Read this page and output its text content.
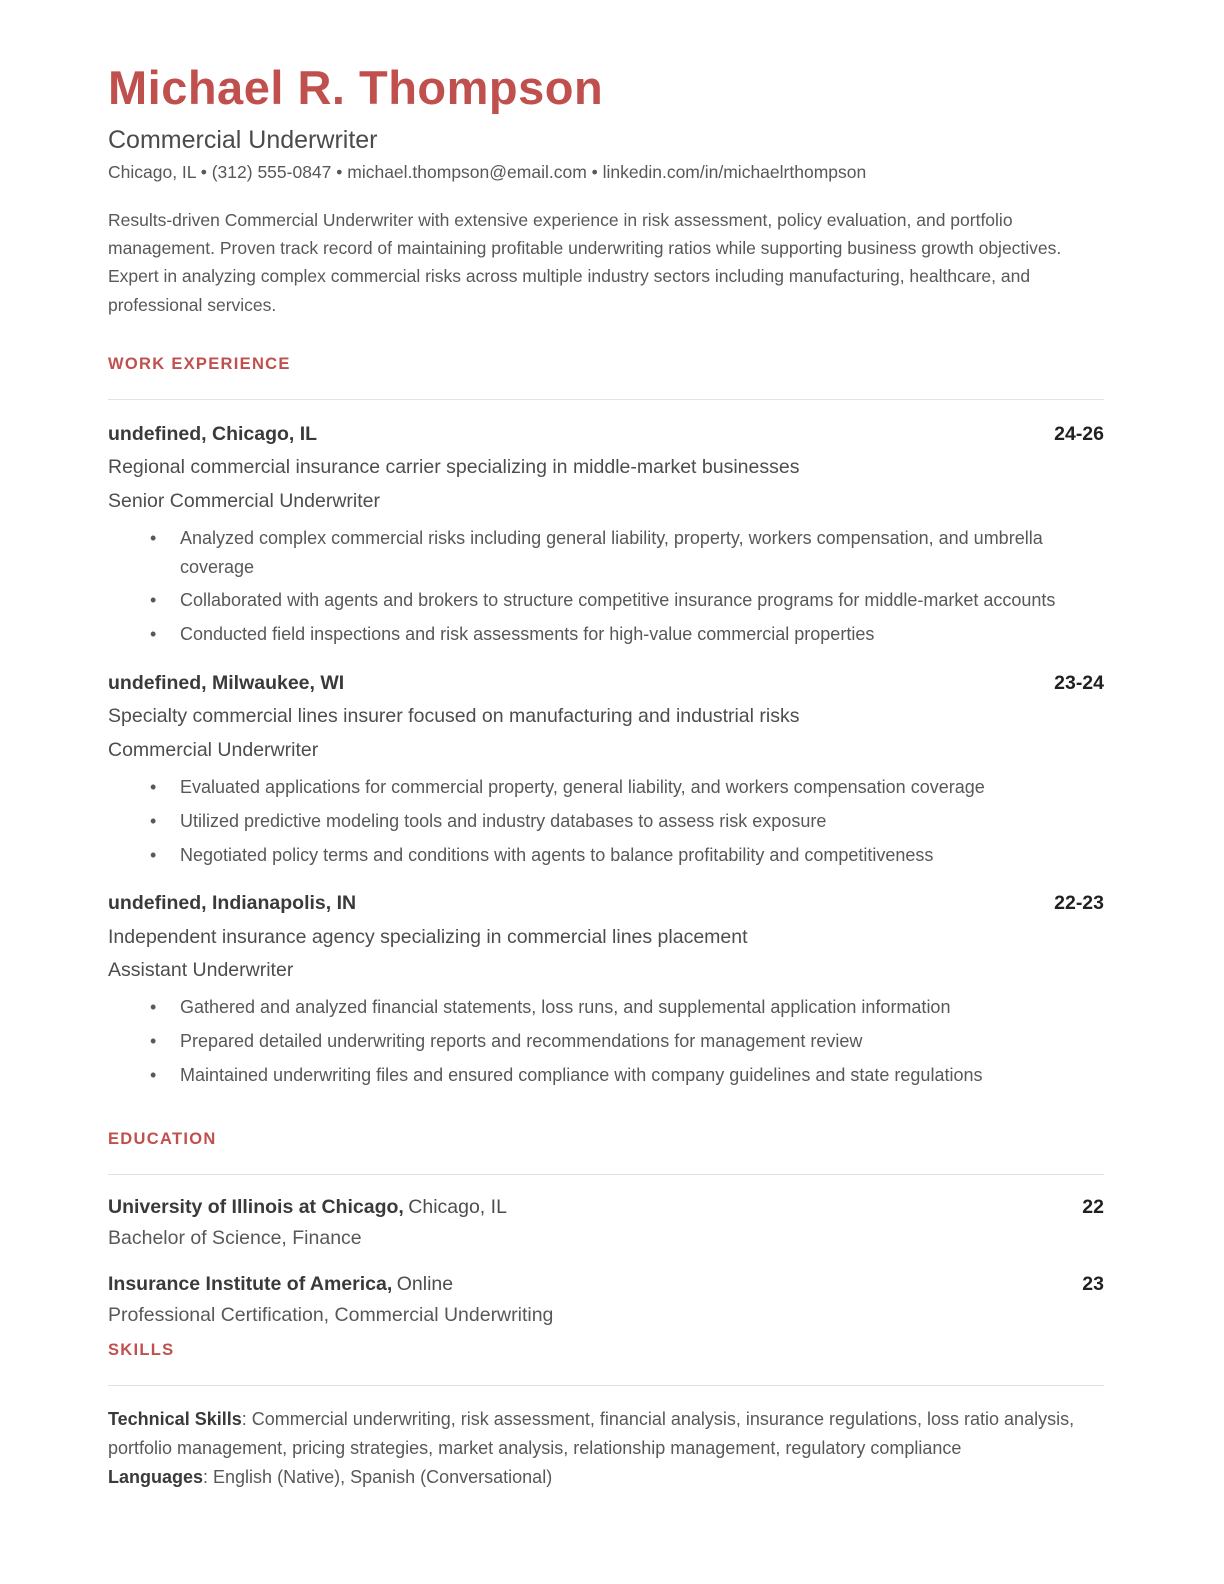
Michael R. Thompson
Commercial Underwriter
Chicago, IL • (312) 555-0847 • michael.thompson@email.com • linkedin.com/in/michaelrthompson

Results-driven Commercial Underwriter with extensive experience in risk assessment, policy evaluation, and portfolio management. Proven track record of maintaining profitable underwriting ratios while supporting business growth objectives. Expert in analyzing complex commercial risks across multiple industry sectors including manufacturing, healthcare, and professional services.

WORK EXPERIENCE
undefined, Chicago, IL	24-26
Regional commercial insurance carrier specializing in middle-market businesses
Senior Commercial Underwriter
• Analyzed complex commercial risks including general liability, property, workers compensation, and umbrella coverage
• Collaborated with agents and brokers to structure competitive insurance programs for middle-market accounts
• Conducted field inspections and risk assessments for high-value commercial properties
undefined, Milwaukee, WI	23-24
Specialty commercial lines insurer focused on manufacturing and industrial risks
Commercial Underwriter
• Evaluated applications for commercial property, general liability, and workers compensation coverage
• Utilized predictive modeling tools and industry databases to assess risk exposure
• Negotiated policy terms and conditions with agents to balance profitability and competitiveness
undefined, Indianapolis, IN	22-23
Independent insurance agency specializing in commercial lines placement
Assistant Underwriter
• Gathered and analyzed financial statements, loss runs, and supplemental application information
• Prepared detailed underwriting reports and recommendations for management review
• Maintained underwriting files and ensured compliance with company guidelines and state regulations
EDUCATION
University of Illinois at Chicago, Chicago, IL	22
Bachelor of Science, Finance
Insurance Institute of America, Online	23
Professional Certification, Commercial Underwriting
SKILLS

Technical Skills: Commercial underwriting, risk assessment, financial analysis, insurance regulations, loss ratio analysis, portfolio management, pricing strategies, market analysis, relationship management, regulatory compliance

Languages: English (Native), Spanish (Conversational)
